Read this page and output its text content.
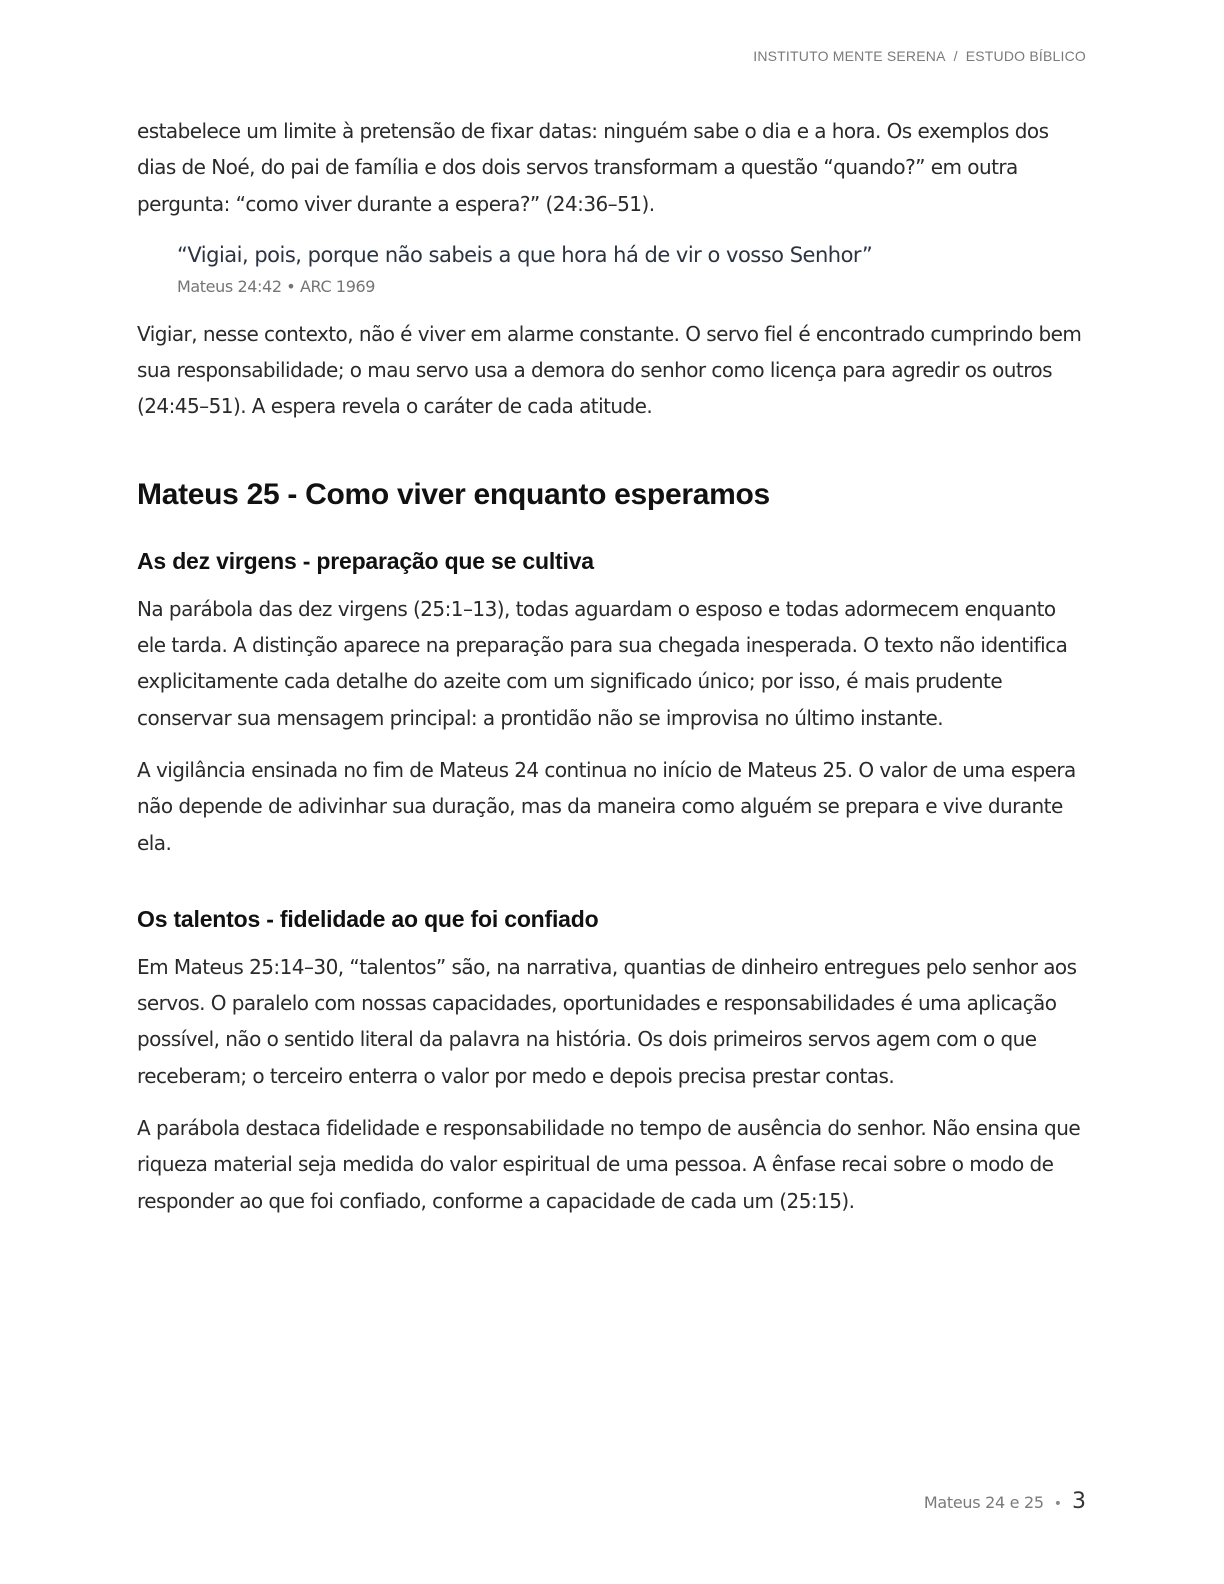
INSTITUTO MENTE SERENA / ESTUDO BÍBLICO

estabelece um limite à pretensão de fixar datas: ninguém sabe o dia e a hora. Os exemplos dos dias de Noé, do pai de família e dos dois servos transformam a questão “quando?” em outra pergunta: “como viver durante a espera?” (24:36–51).

“Vigiai, pois, porque não sabeis a que hora há de vir o vosso Senhor”
Mateus 24:42 • ARC 1969

Vigiar, nesse contexto, não é viver em alarme constante. O servo fiel é encontrado cumprindo bem sua responsabilidade; o mau servo usa a demora do senhor como licença para agredir os outros (24:45–51). A espera revela o caráter de cada atitude.

Mateus 25 - Como viver enquanto esperamos
As dez virgens - preparação que se cultiva

Na parábola das dez virgens (25:1–13), todas aguardam o esposo e todas adormecem enquanto ele tarda. A distinção aparece na preparação para sua chegada inesperada. O texto não identifica explicitamente cada detalhe do azeite com um significado único; por isso, é mais prudente conservar sua mensagem principal: a prontidão não se improvisa no último instante.

A vigilância ensinada no fim de Mateus 24 continua no início de Mateus 25. O valor de uma espera não depende de adivinhar sua duração, mas da maneira como alguém se prepara e vive durante ela.

Os talentos - fidelidade ao que foi confiado

Em Mateus 25:14–30, “talentos” são, na narrativa, quantias de dinheiro entregues pelo senhor aos servos. O paralelo com nossas capacidades, oportunidades e responsabilidades é uma aplicação possível, não o sentido literal da palavra na história. Os dois primeiros servos agem com o que receberam; o terceiro enterra o valor por medo e depois precisa prestar contas.

A parábola destaca fidelidade e responsabilidade no tempo de ausência do senhor. Não ensina que riqueza material seja medida do valor espiritual de uma pessoa. A ênfase recai sobre o modo de responder ao que foi confiado, conforme a capacidade de cada um (25:15).

Mateus 24 e 25 • 3
